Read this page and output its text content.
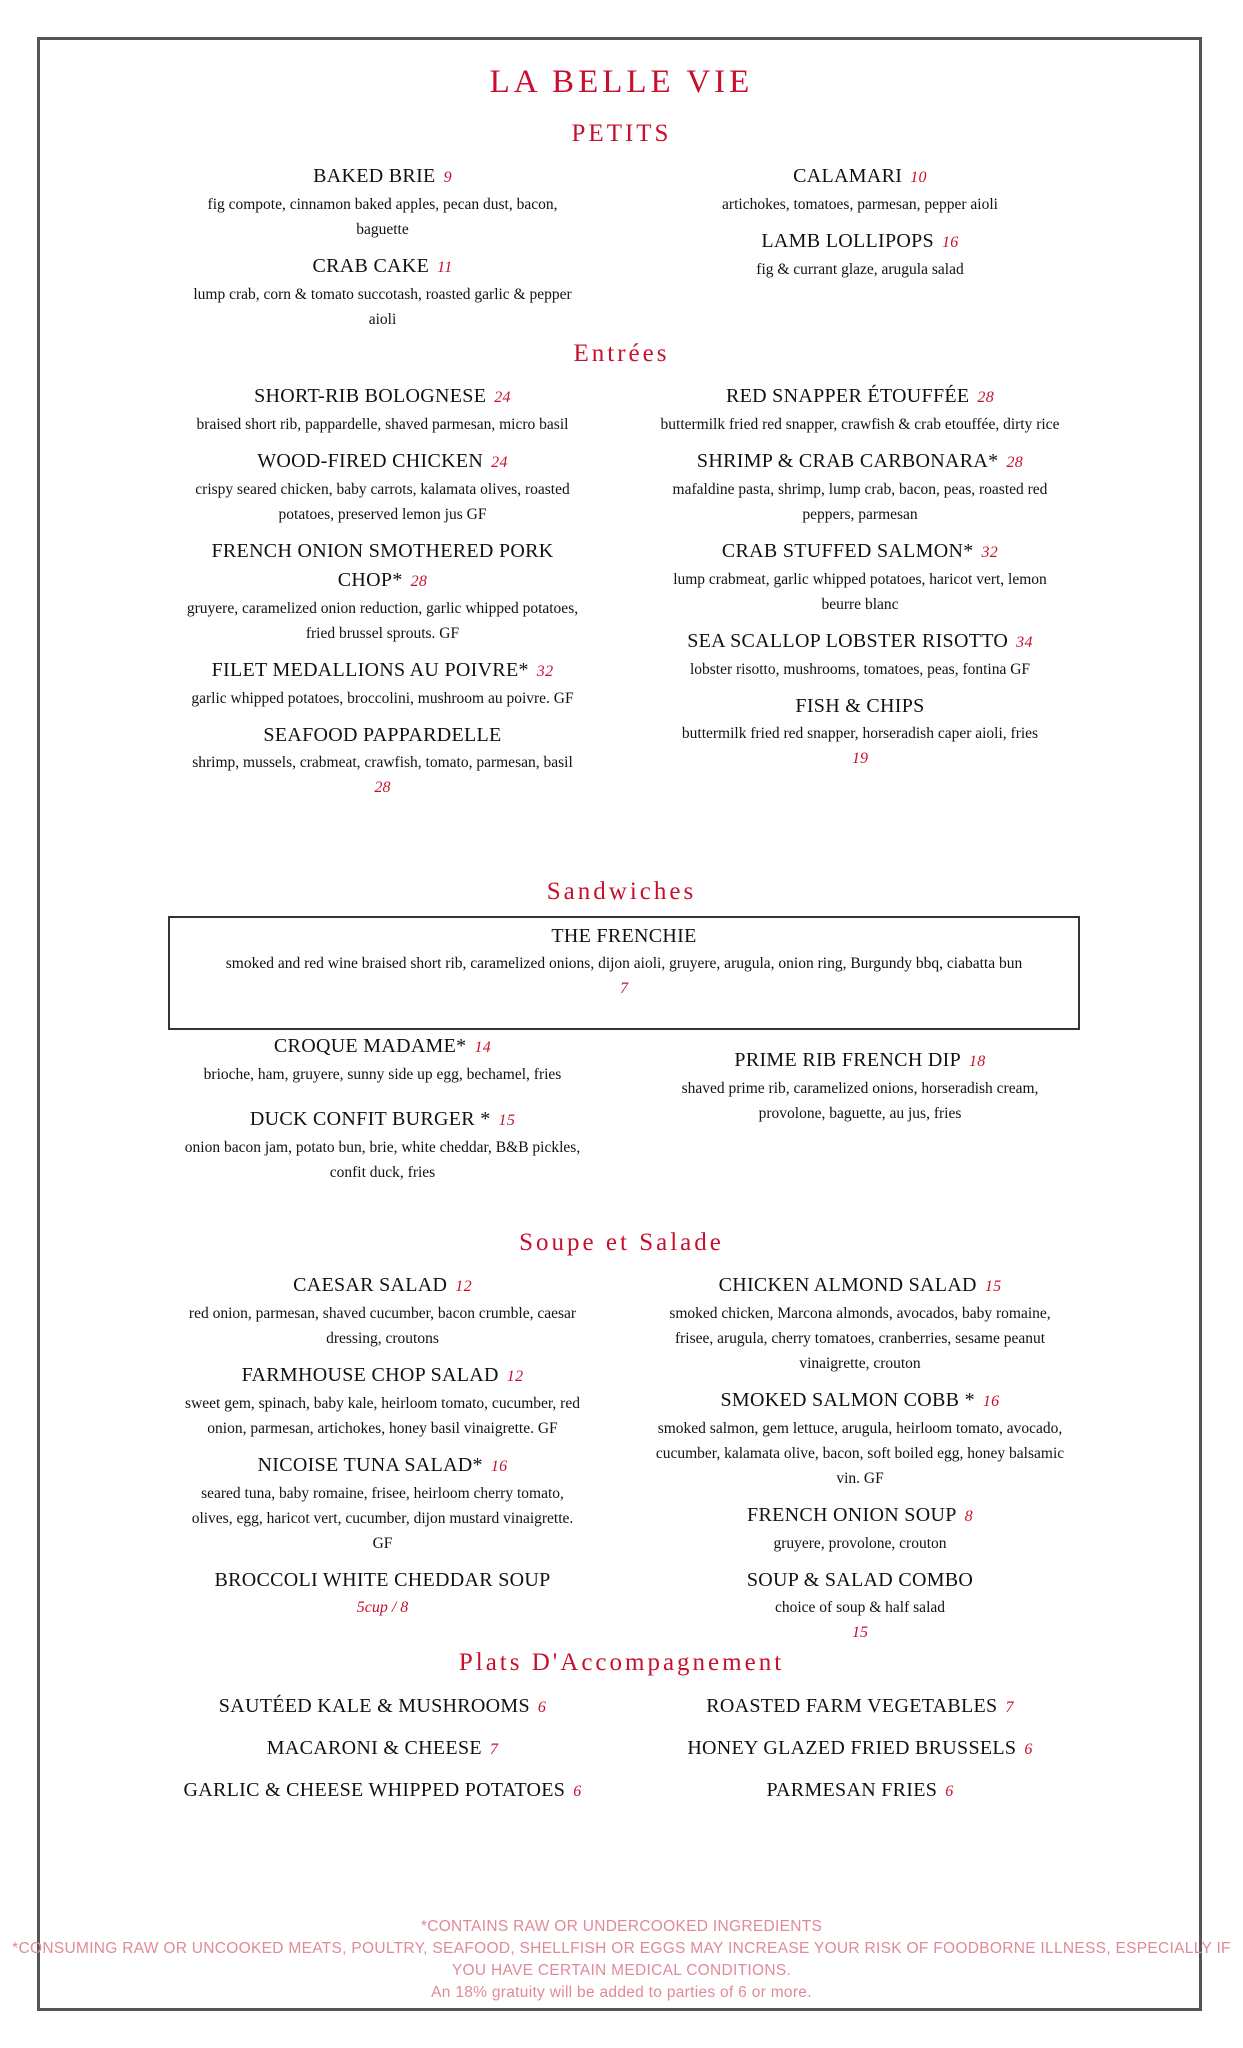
LA BELLE VIE
PETITS
BAKED BRIE 9
fig compote, cinnamon baked apples, pecan dust, bacon, baguette
CRAB CAKE 11
lump crab, corn & tomato succotash, roasted garlic & pepper aioli
CALAMARI 10
artichokes, tomatoes, parmesan, pepper aioli
LAMB LOLLIPOPS 16
fig & currant glaze, arugula salad
Entrées
SHORT-RIB BOLOGNESE 24
braised short rib, pappardelle, shaved parmesan, micro basil
WOOD-FIRED CHICKEN 24
crispy seared chicken, baby carrots, kalamata olives, roasted potatoes, preserved lemon jus GF
FRENCH ONION SMOTHERED PORK CHOP* 28
gruyere, caramelized onion reduction, garlic whipped potatoes, fried brussel sprouts. GF
FILET MEDALLIONS AU POIVRE* 32
garlic whipped potatoes, broccolini, mushroom au poivre. GF
SEAFOOD PAPPARDELLE
shrimp, mussels, crabmeat, crawfish, tomato, parmesan, basil
28
RED SNAPPER ÉTOUFFÉE 28
buttermilk fried red snapper, crawfish & crab etouffée, dirty rice
SHRIMP & CRAB CARBONARA* 28
mafaldine pasta, shrimp, lump crab, bacon, peas, roasted red peppers, parmesan
CRAB STUFFED SALMON* 32
lump crabmeat, garlic whipped potatoes, haricot vert, lemon beurre blanc
SEA SCALLOP LOBSTER RISOTTO 34
lobster risotto, mushrooms, tomatoes, peas, fontina GF
FISH & CHIPS
buttermilk fried red snapper, horseradish caper aioli, fries
19
Sandwiches
THE FRENCHIE
smoked and red wine braised short rib, caramelized onions, dijon aioli, gruyere, arugula, onion ring, Burgundy bbq, ciabatta bun
7
CROQUE MADAME* 14
brioche, ham, gruyere, sunny side up egg, bechamel, fries
DUCK CONFIT BURGER * 15
onion bacon jam, potato bun, brie, white cheddar, B&B pickles, confit duck, fries
PRIME RIB FRENCH DIP 18
shaved prime rib, caramelized onions, horseradish cream, provolone, baguette, au jus, fries
Soupe et Salade
CAESAR SALAD 12
red onion, parmesan, shaved cucumber, bacon crumble, caesar dressing, croutons
FARMHOUSE CHOP SALAD 12
sweet gem, spinach, baby kale, heirloom tomato, cucumber, red onion, parmesan, artichokes, honey basil vinaigrette. GF
NICOISE TUNA SALAD* 16
seared tuna, baby romaine, frisee, heirloom cherry tomato, olives, egg, haricot vert, cucumber, dijon mustard vinaigrette. GF
BROCCOLI WHITE CHEDDAR SOUP
5cup / 8
CHICKEN ALMOND SALAD 15
smoked chicken, Marcona almonds, avocados, baby romaine, frisee, arugula, cherry tomatoes, cranberries, sesame peanut vinaigrette, crouton
SMOKED SALMON COBB * 16
smoked salmon, gem lettuce, arugula, heirloom tomato, avocado, cucumber, kalamata olive, bacon, soft boiled egg, honey balsamic vin. GF
FRENCH ONION SOUP 8
gruyere, provolone, crouton
SOUP & SALAD COMBO
choice of soup & half salad
15
Plats D'Accompagnement
SAUTÉED KALE & MUSHROOMS 6
MACARONI & CHEESE 7
GARLIC & CHEESE WHIPPED POTATOES 6
ROASTED FARM VEGETABLES 7
HONEY GLAZED FRIED BRUSSELS 6
PARMESAN FRIES 6
*CONTAINS RAW OR UNDERCOOKED INGREDIENTS
*CONSUMING RAW OR UNCOOKED MEATS, POULTRY, SEAFOOD, SHELLFISH OR EGGS MAY INCREASE YOUR RISK OF FOODBORNE ILLNESS, ESPECIALLY IF YOU HAVE CERTAIN MEDICAL CONDITIONS.
An 18% gratuity will be added to parties of 6 or more.
